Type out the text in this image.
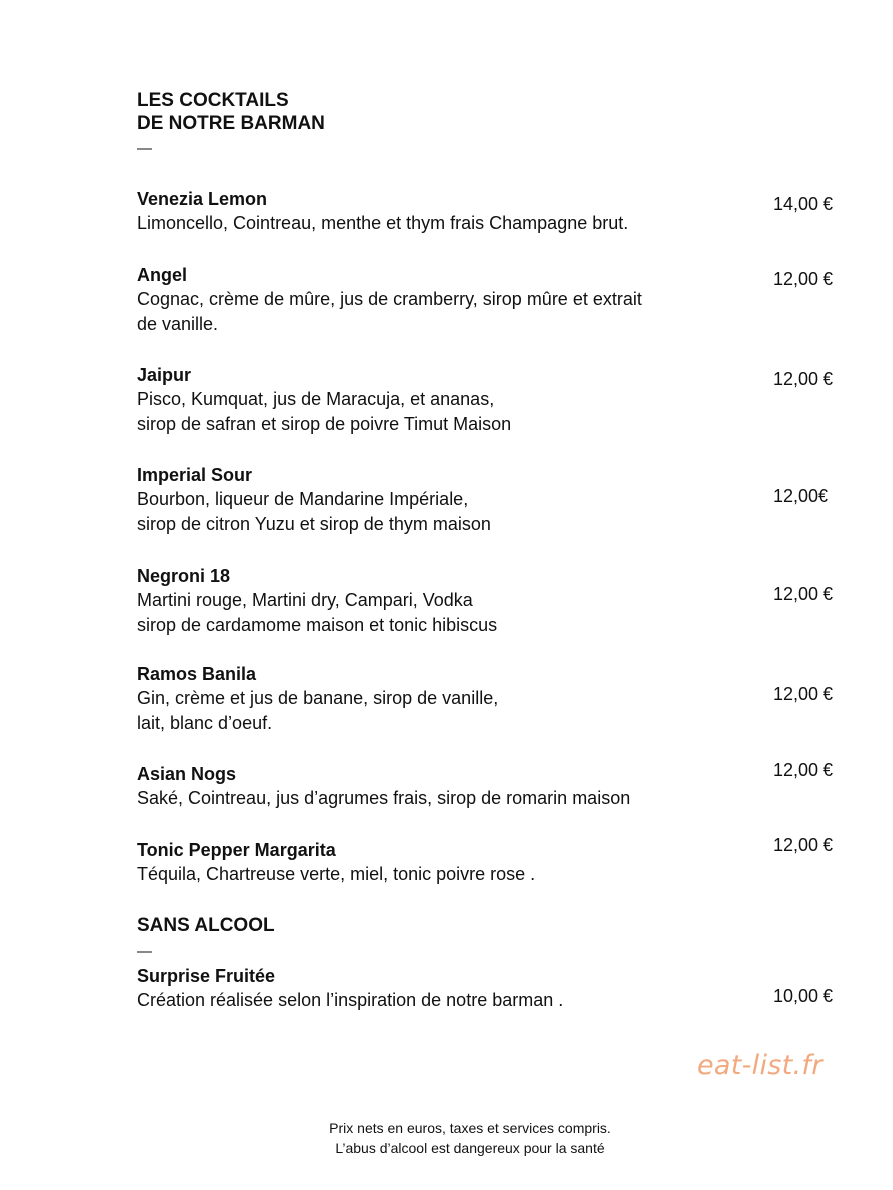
LES COCKTAILS
DE NOTRE BARMAN
—
Venezia Lemon
Limoncello, Cointreau, menthe et thym frais Champagne brut.
14,00 €
Angel
Cognac, crème de mûre, jus de cramberry, sirop mûre et extrait
de vanille.
12,00 €
Jaipur
Pisco, Kumquat, jus de Maracuja, et ananas,
sirop de safran et sirop de poivre Timut Maison
12,00 €
Imperial Sour
Bourbon, liqueur de Mandarine Impériale,
sirop de citron Yuzu et sirop de thym maison
12,00€
Negroni 18
Martini rouge, Martini dry, Campari, Vodka
sirop de cardamome maison et tonic hibiscus
12,00 €
Ramos Banila
Gin, crème et jus de banane, sirop de vanille,
lait, blanc d’oeuf.
12,00 €
Asian Nogs
Saké, Cointreau, jus d’agrumes frais, sirop de romarin maison
12,00 €
Tonic Pepper Margarita
Téquila, Chartreuse verte, miel, tonic poivre rose .
12,00 €
SANS ALCOOL
—
Surprise Fruitée
Création réalisée selon l’inspiration de notre barman .	10,00 €
eat-list.fr
Prix nets en euros, taxes et services compris.
L’abus d’alcool est dangereux pour la santé
